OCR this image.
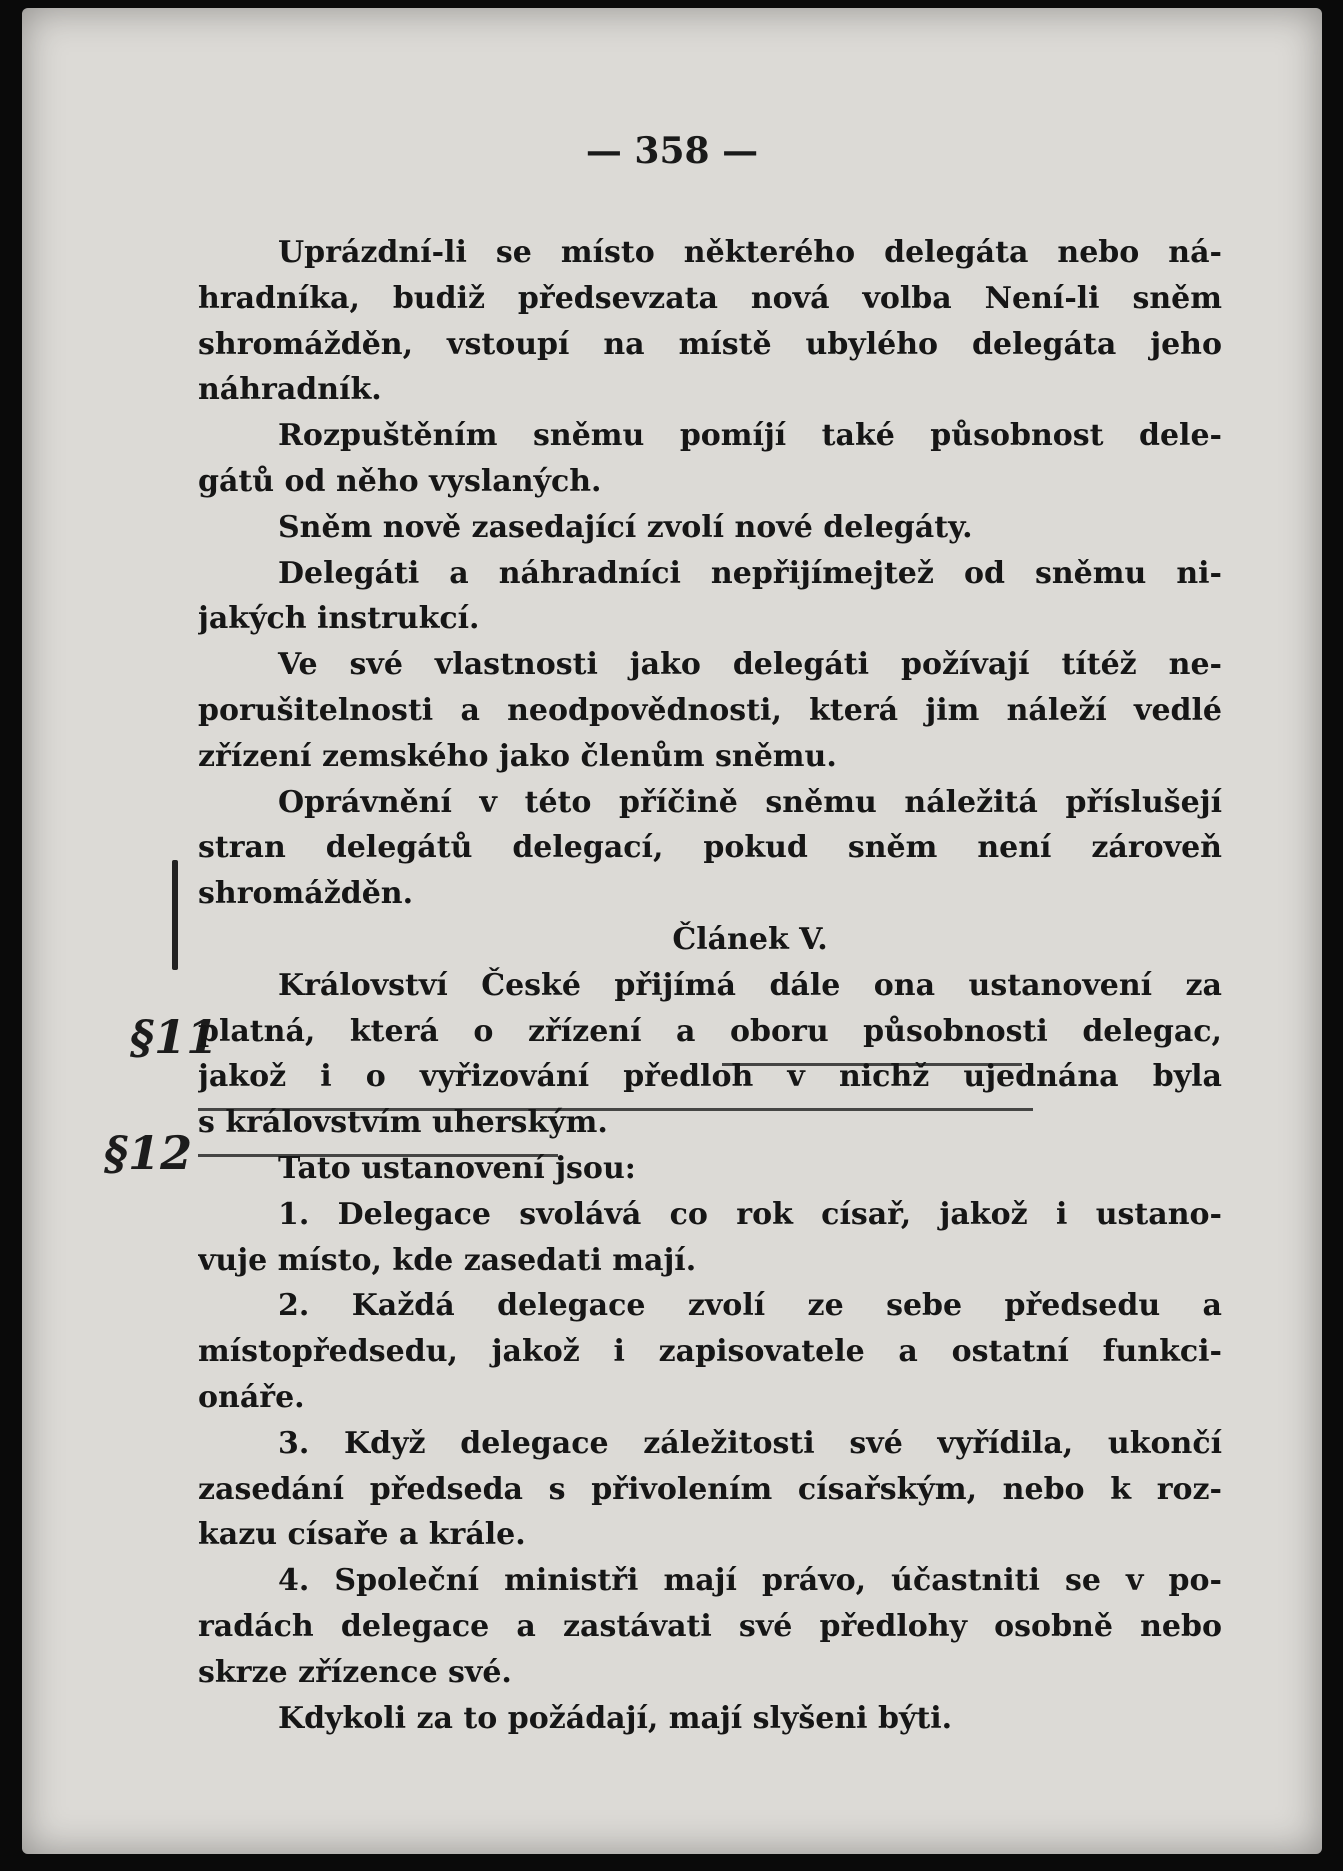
— 358 —
§11
§12
Uprázdní-li se místo některého delegáta nebo ná-
hradníka, budiž předsevzata nová volba Není-li sněm
shromážděn, vstoupí na místě ubylého delegáta jeho
náhradník.
Rozpuštěním sněmu pomíjí také působnost dele-
gátů od něho vyslaných.
Sněm nově zasedající zvolí nové delegáty.
Delegáti a náhradníci nepřijímejtež od sněmu ni-
jakých instrukcí.
Ve své vlastnosti jako delegáti požívají títéž ne-
porušitelnosti a neodpovědnosti, která jim náleží vedlé
zřízení zemského jako členům sněmu.
Oprávnění v této příčině sněmu náležitá příslušejí
stran delegátů delegací, pokud sněm není zároveň
shromážděn.
Článek V.
Království České přijímá dále ona ustanovení za
platná, která o zřízení a oboru působnosti delegac,
jakož i o vyřizování předloh v nichž ujednána byla
s královstvím uherským.
Tato ustanovení jsou:
1. Delegace svolává co rok císař, jakož i ustano-
vuje místo, kde zasedati mají.
2. Každá delegace zvolí ze sebe předsedu a
místopředsedu, jakož i zapisovatele a ostatní funkci-
onáře.
3. Když delegace záležitosti své vyřídila, ukončí
zasedání předseda s přivolením císařským, nebo k roz-
kazu císaře a krále.
4. Společní ministři mají právo, účastniti se v po-
radách delegace a zastávati své předlohy osobně nebo
skrze zřízence své.
Kdykoli za to požádají, mají slyšeni býti.
